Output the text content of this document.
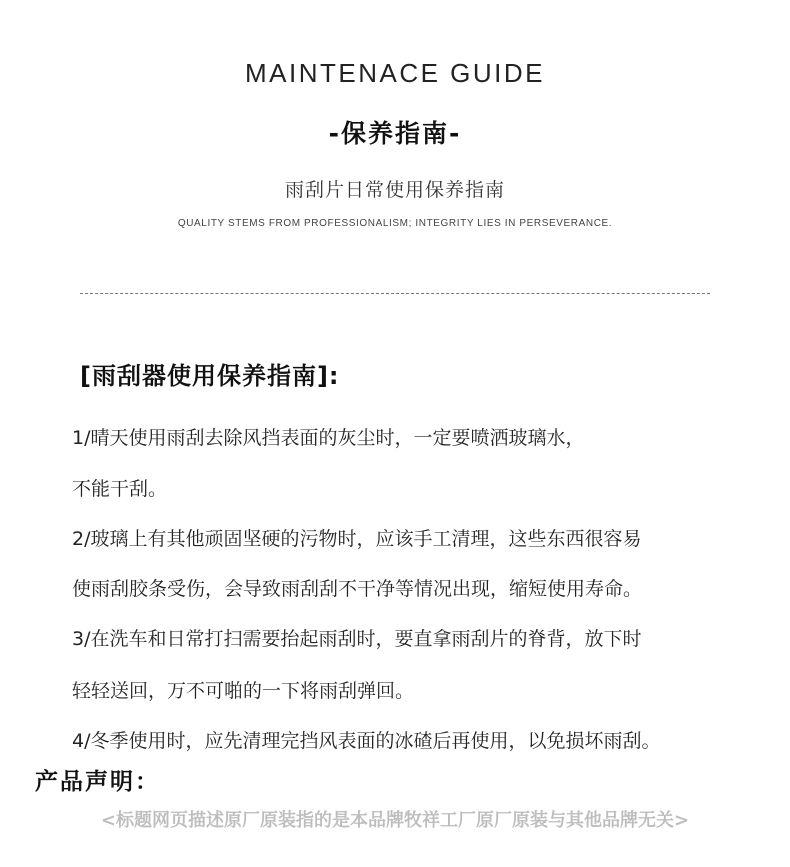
MAINTENACE GUIDE
-保养指南-
雨刮片日常使用保养指南
QUALITY STEMS FROM PROFESSIONALISM; INTEGRITY LIES IN PERSEVERANCE.
[雨刮器使用保养指南]:
1/晴天使用雨刮去除风挡表面的灰尘时，一定要喷洒玻璃水，
不能干刮。
2/玻璃上有其他顽固坚硬的污物时，应该手工清理，这些东西很容易
使雨刮胶条受伤，会导致雨刮刮不干净等情况出现，缩短使用寿命。
3/在洗车和日常打扫需要抬起雨刮时，要直拿雨刮片的脊背，放下时
轻轻送回，万不可啪的一下将雨刮弹回。
4/冬季使用时，应先清理完挡风表面的冰碴后再使用，以免损坏雨刮。
产品声明：
<标题网页描述原厂原装指的是本品牌牧祥工厂原厂原装与其他品牌无关>
